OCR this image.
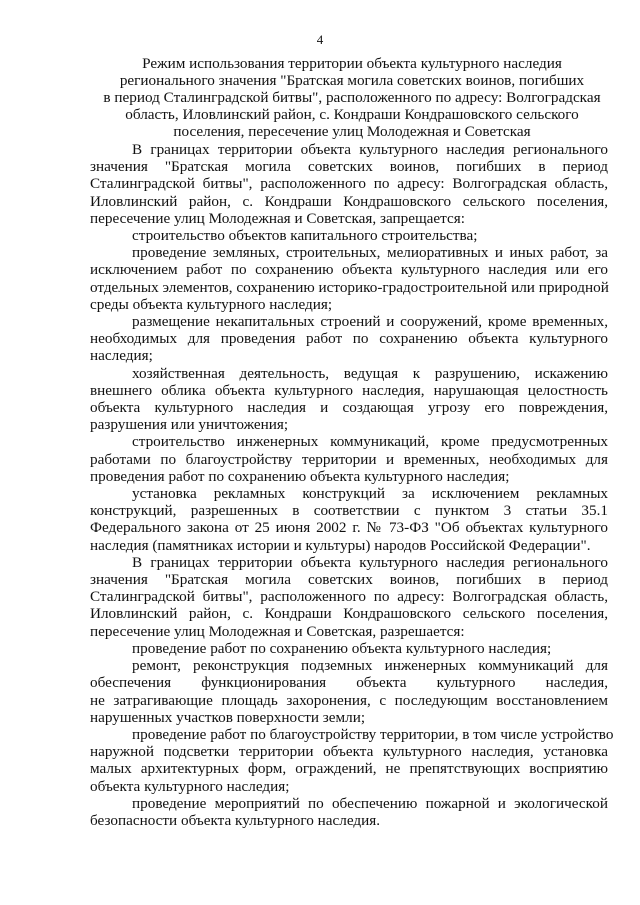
4
Режим использования территории объекта культурного наследия
регионального значения "Братская могила советских воинов, погибших
в период Сталинградской битвы", расположенного по адресу: Волгоградская
область, Иловлинский район, с. Кондраши Кондрашовского сельского
поселения, пересечение улиц Молодежная и Советская
В границах территории объекта культурного наследия регионального
значения "Братская могила советских воинов, погибших в период
Сталинградской битвы", расположенного по адресу: Волгоградская область,
Иловлинский район, с. Кондраши Кондрашовского сельского поселения,
пересечение улиц Молодежная и Советская, запрещается:
строительство объектов капитального строительства;
проведение земляных, строительных, мелиоративных и иных работ, за
исключением работ по сохранению объекта культурного наследия или его
отдельных элементов, сохранению историко-градостроительной или природной
среды объекта культурного наследия;
размещение некапитальных строений и сооружений, кроме временных,
необходимых для проведения работ по сохранению объекта культурного
наследия;
хозяйственная деятельность, ведущая к разрушению, искажению
внешнего облика объекта культурного наследия, нарушающая целостность
объекта культурного наследия и создающая угрозу его повреждения,
разрушения или уничтожения;
строительство инженерных коммуникаций, кроме предусмотренных
работами по благоустройству территории и временных, необходимых для
проведения работ по сохранению объекта культурного наследия;
установка рекламных конструкций за исключением рекламных
конструкций, разрешенных в соответствии с пунктом 3 статьи 35.1
Федерального закона от 25 июня 2002 г. № 73-ФЗ "Об объектах культурного
наследия (памятниках истории и культуры) народов Российской Федерации".
В границах территории объекта культурного наследия регионального
значения "Братская могила советских воинов, погибших в период
Сталинградской битвы", расположенного по адресу: Волгоградская область,
Иловлинский район, с. Кондраши Кондрашовского сельского поселения,
пересечение улиц Молодежная и Советская, разрешается:
проведение работ по сохранению объекта культурного наследия;
ремонт, реконструкция подземных инженерных коммуникаций для
обеспечения функционирования объекта культурного наследия,
не затрагивающие площадь захоронения, с последующим восстановлением
нарушенных участков поверхности земли;
проведение работ по благоустройству территории, в том числе устройство
наружной подсветки территории объекта культурного наследия, установка
малых архитектурных форм, ограждений, не препятствующих восприятию
объекта культурного наследия;
проведение мероприятий по обеспечению пожарной и экологической
безопасности объекта культурного наследия.
